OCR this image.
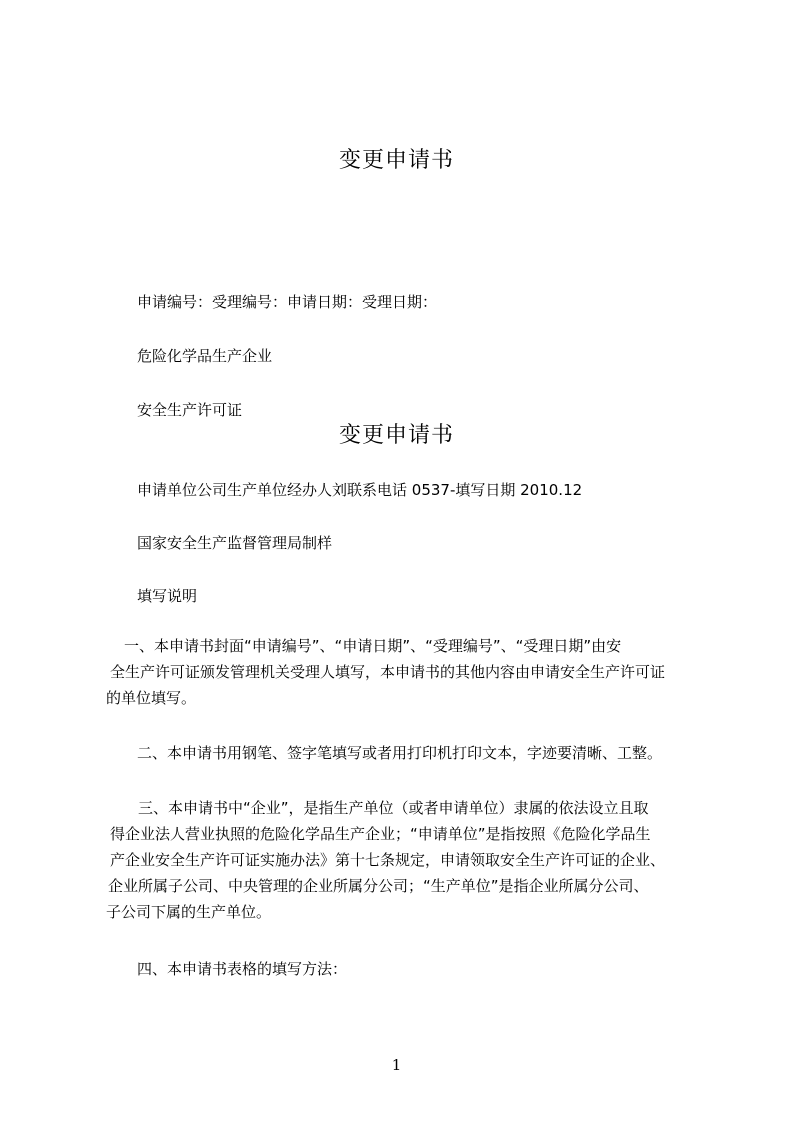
变更申请书
申请编号：受理编号：申请日期：受理日期：
危险化学品生产企业
安全生产许可证
变更申请书
申请单位公司生产单位经办人刘联系电话 0537-填写日期 2010.12
国家安全生产监督管理局制样
填写说明
一、本申请书封面“申请编号”、“申请日期”、“受理编号”、“受理日期”由安
全生产许可证颁发管理机关受理人填写，本申请书的其他内容由申请安全生产许可证
的单位填写。
二、本申请书用钢笔、签字笔填写或者用打印机打印文本，字迹要清晰、工整。
三、本申请书中“企业”，是指生产单位（或者申请单位）隶属的依法设立且取
得企业法人营业执照的危险化学品生产企业；“申请单位”是指按照《危险化学品生
产企业安全生产许可证实施办法》第十七条规定，申请领取安全生产许可证的企业、
企业所属子公司、中央管理的企业所属分公司；“生产单位”是指企业所属分公司、
子公司下属的生产单位。
四、本申请书表格的填写方法：
1
